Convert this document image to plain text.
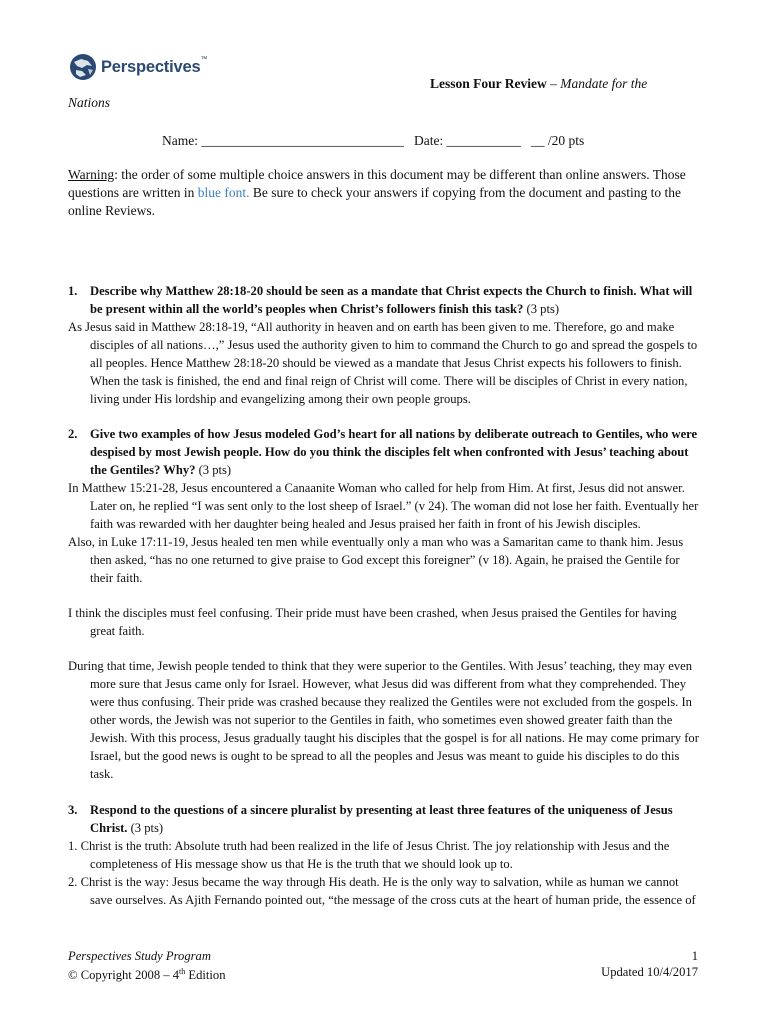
Perspectives™
Lesson Four Review – Mandate for the
Nations
Name: ______________________________ Date: ___________ __ /20 pts
Warning: the order of some multiple choice answers in this document may be different than online answers. Those questions are written in blue font. Be sure to check your answers if copying from the document and pasting to the online Reviews.
1. Describe why Matthew 28:18-20 should be seen as a mandate that Christ expects the Church to finish. What will be present within all the world’s peoples when Christ’s followers finish this task? (3 pts)
As Jesus said in Matthew 28:18-19, “All authority in heaven and on earth has been given to me. Therefore, go and make disciples of all nations…,” Jesus used the authority given to him to command the Church to go and spread the gospels to all peoples. Hence Matthew 28:18-20 should be viewed as a mandate that Jesus Christ expects his followers to finish. When the task is finished, the end and final reign of Christ will come. There will be disciples of Christ in every nation, living under His lordship and evangelizing among their own people groups.
2. Give two examples of how Jesus modeled God’s heart for all nations by deliberate outreach to Gentiles, who were despised by most Jewish people. How do you think the disciples felt when confronted with Jesus’ teaching about the Gentiles? Why? (3 pts)
In Matthew 15:21-28, Jesus encountered a Canaanite Woman who called for help from Him. At first, Jesus did not answer. Later on, he replied “I was sent only to the lost sheep of Israel.” (v 24). The woman did not lose her faith. Eventually her faith was rewarded with her daughter being healed and Jesus praised her faith in front of his Jewish disciples.
Also, in Luke 17:11-19, Jesus healed ten men while eventually only a man who was a Samaritan came to thank him. Jesus then asked, “has no one returned to give praise to God except this foreigner” (v 18). Again, he praised the Gentile for their faith.
I think the disciples must feel confusing. Their pride must have been crashed, when Jesus praised the Gentiles for having great faith.
During that time, Jewish people tended to think that they were superior to the Gentiles. With Jesus’ teaching, they may even more sure that Jesus came only for Israel. However, what Jesus did was different from what they comprehended. They were thus confusing. Their pride was crashed because they realized the Gentiles were not excluded from the gospels. In other words, the Jewish was not superior to the Gentiles in faith, who sometimes even showed greater faith than the Jewish. With this process, Jesus gradually taught his disciples that the gospel is for all nations. He may come primary for Israel, but the good news is ought to be spread to all the peoples and Jesus was meant to guide his disciples to do this task.
3. Respond to the questions of a sincere pluralist by presenting at least three features of the uniqueness of Jesus Christ. (3 pts)
1. Christ is the truth: Absolute truth had been realized in the life of Jesus Christ. The joy relationship with Jesus and the completeness of His message show us that He is the truth that we should look up to.
2. Christ is the way: Jesus became the way through His death. He is the only way to salvation, while as human we cannot save ourselves. As Ajith Fernando pointed out, “the message of the cross cuts at the heart of human pride, the essence of
Perspectives Study Program
© Copyright 2008 – 4th Edition
1
Updated 10/4/2017
